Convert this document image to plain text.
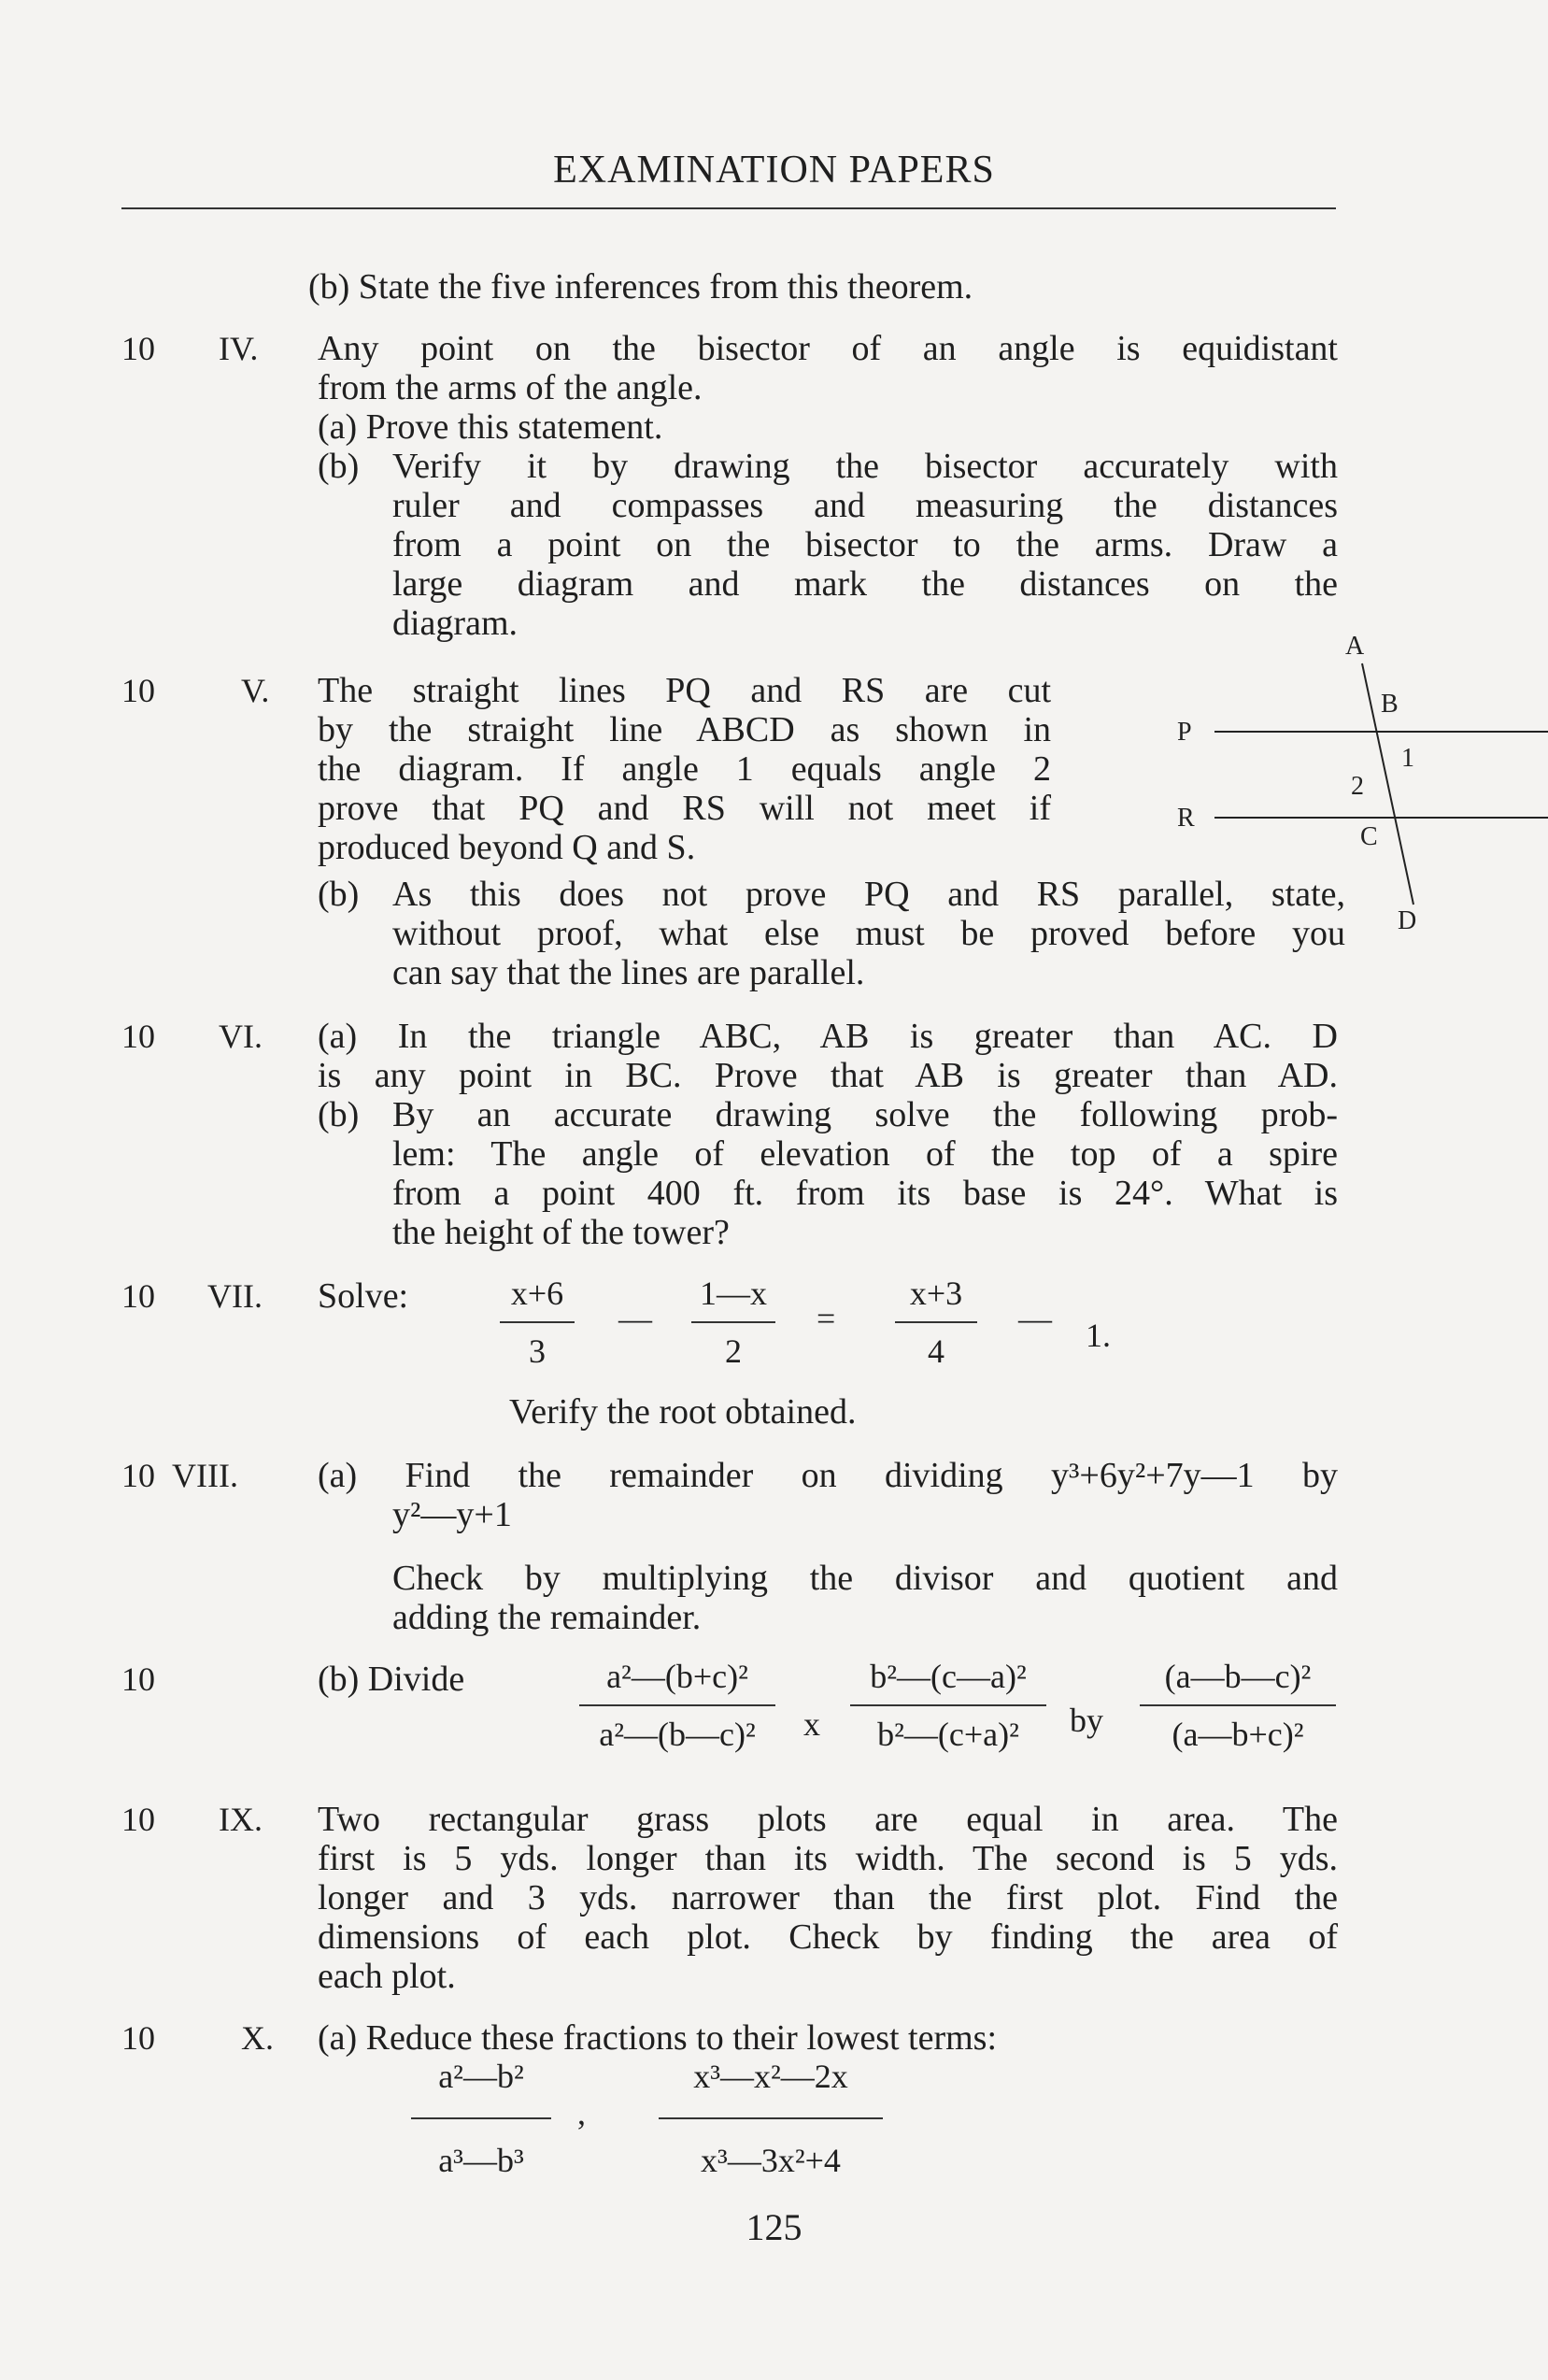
EXAMINATION PAPERS
(b) State the five inferences from this theorem.
10 IV. Any point on the bisector of an angle is equidistant
from the arms of the angle.
(a) Prove this statement.
(b) Verify it by drawing the bisector accurately with
ruler and compasses and measuring the distances
from a point on the bisector to the arms. Draw a
large diagram and mark the distances on the
diagram.
10	V. The straight lines PQ and RS are cut
by the straight line ABCD as shown in
the diagram. If angle 1 equals angle 2
prove that PQ and RS will not meet if
produced beyond Q and S.
(b) As this does not prove PQ and RS parallel, state,
without proof, what else must be proved before you
can say that the lines are parallel.
A
B
P
1
2
R
C
D
10 VI. (a) In the triangle ABC, AB is greater than AC. D
is any point in BC. Prove that AB is greater than AD.
(b) By an accurate drawing solve the following prob-
lem: The angle of elevation of the top of a spire
from a point 400 ft. from its base is 24°. What is
the height of the tower?
10 VII. Solve:	x+6
3
—
1—x
2
=
x+3
4
— 1.
Verify the root obtained.
10 VIII. (a) Find the remainder on dividing y³+6y²+7y—1 by
y²—y+1
Check by multiplying the divisor and quotient and
adding the remainder.
10	(b) Divide	a²—(b+c)²
a²—(b—c)²	x
b²—(c—a)²
b²—(c+a)²	by
(a—b—c)²
(a—b+c)²
10 IX. Two rectangular grass plots are equal in area. The
first is 5 yds. longer than its width. The second is 5 yds.
longer and 3 yds. narrower than the first plot. Find the
dimensions of each plot. Check by finding the area of
each plot.
10	X. (a) Reduce these fractions to their lowest terms:
a²—b²
a³—b³
,
x³—x²—2x
x³—3x²+4
125
